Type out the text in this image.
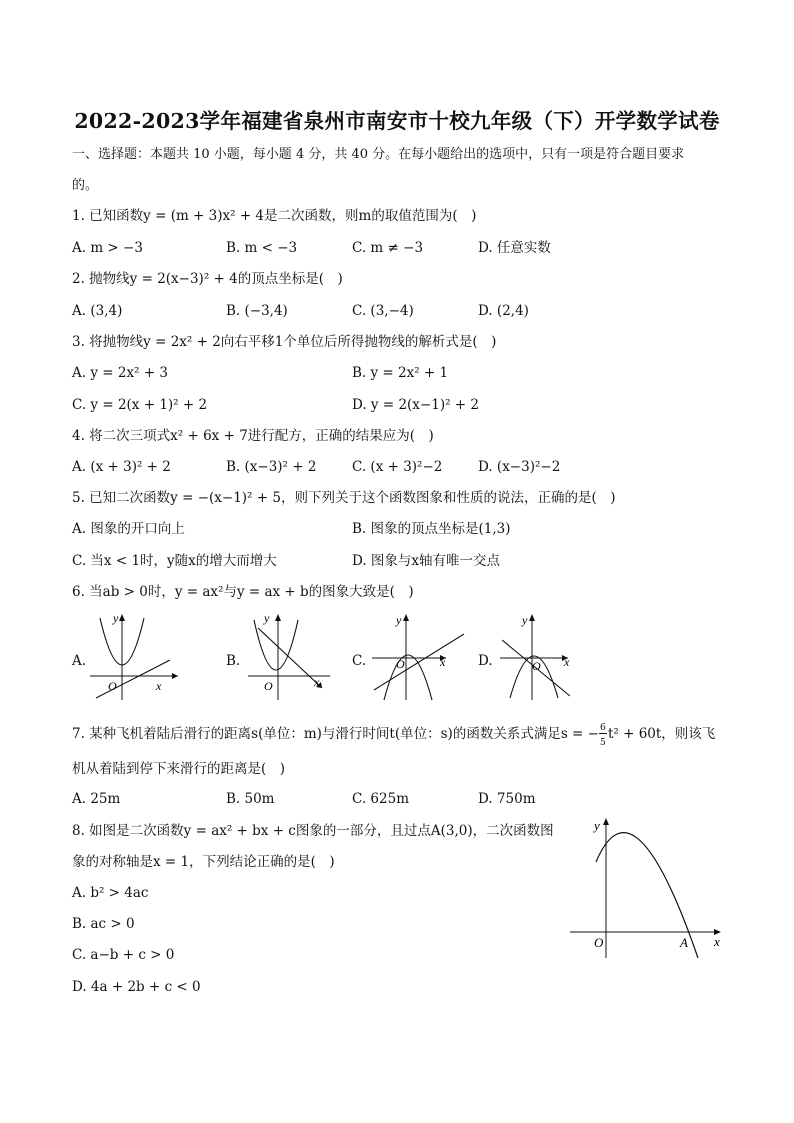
2022-2023学年福建省泉州市南安市十校九年级（下）开学数学试卷
一、选择题：本题共 10 小题，每小题 4 分，共 40 分。在每小题给出的选项中，只有一项是符合题目要求
的。
1. 已知函数y = (m + 3)x² + 4是二次函数，则m的取值范围为(　)
A. m > −3	B. m < −3	C. m ≠ −3	D. 任意实数
2. 抛物线y = 2(x−3)² + 4的顶点坐标是(　)
A. (3,4)	B. (−3,4)	C. (3,−4)	D. (2,4)
3. 将抛物线y = 2x² + 2向右平移1个单位后所得抛物线的解析式是(　)
A. y = 2x² + 3	B. y = 2x² + 1
C. y = 2(x + 1)² + 2	D. y = 2(x−1)² + 2
4. 将二次三项式x² + 6x + 7进行配方，正确的结果应为(　)
A. (x + 3)² + 2	B. (x−3)² + 2	C. (x + 3)²−2	D. (x−3)²−2
5. 已知二次函数y = −(x−1)² + 5，则下列关于这个函数图象和性质的说法，正确的是(　)
A. 图象的开口向上	B. 图象的顶点坐标是(1,3)
C. 当x < 1时，y随x的增大而增大	D. 图象与x轴有唯一交点
6. 当ab > 0时，y = ax²与y = ax + b的图象大致是(　)
A.
O	x
y
B.
O	x
y
C. O	x
y
D.	O x
y
7. 某种飞机着陆后滑行的距离s(单位：m)与滑行时间t(单位：s)的函数关系式满足s = − $\frac{6}{5} t^2 + 60t$，则该飞
机从着陆到停下来滑行的距离是(　)
A. 25m	B. 50m	C. 625m	D. 750m
8. 如图是二次函数y = ax² + bx + c图象的一部分，且过点A(3,0)，二次函数图
象的对称轴是x = 1，下列结论正确的是(　)
A. b² > 4ac
B. ac > 0
C. a−b + c > 0
D. 4a + 2b + c < 0
O	A x
y
